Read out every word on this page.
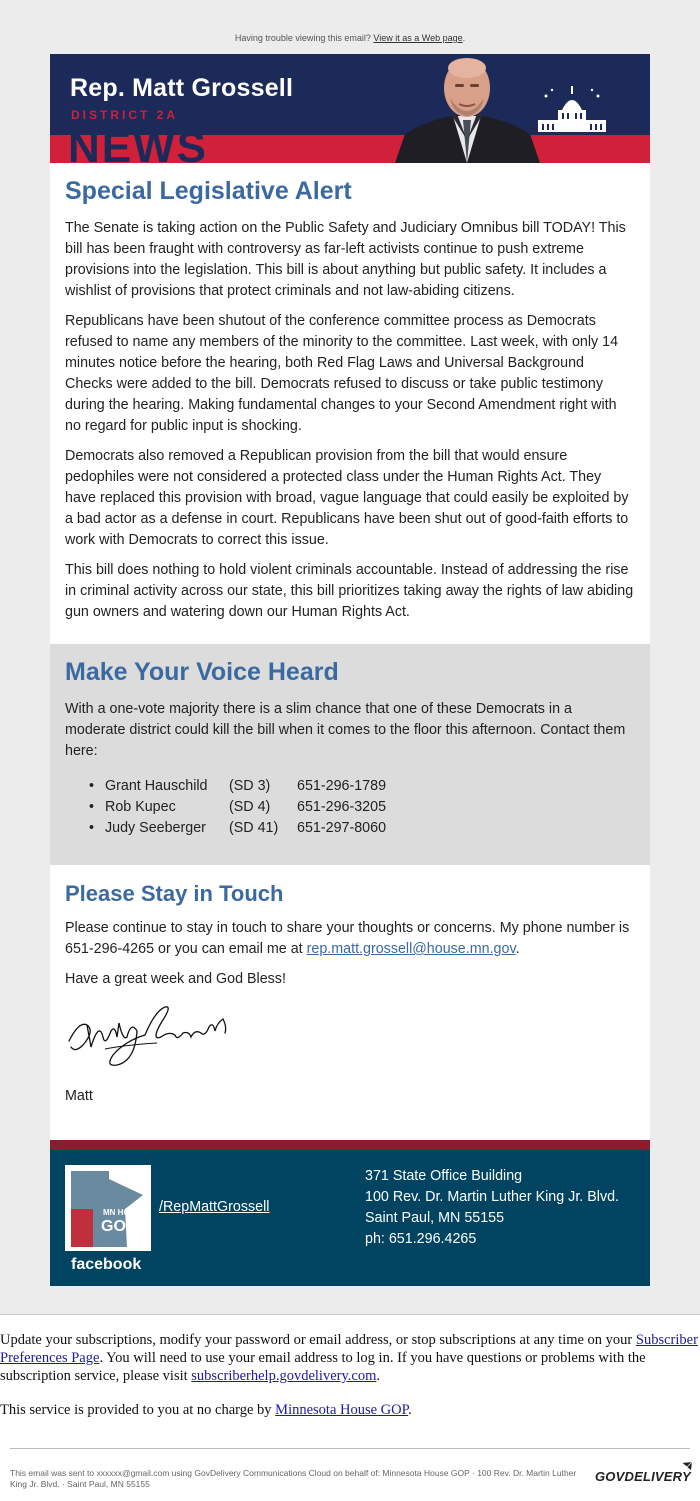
Having trouble viewing this email? View it as a Web page.
Rep. Matt Grossell
DISTRICT 2A
NEWS
Special Legislative Alert

The Senate is taking action on the Public Safety and Judiciary Omnibus bill TODAY! This bill has been fraught with controversy as far-left activists continue to push extreme provisions into the legislation. This bill is about anything but public safety. It includes a wishlist of provisions that protect criminals and not law-abiding citizens.

Republicans have been shutout of the conference committee process as Democrats refused to name any members of the minority to the committee. Last week, with only 14 minutes notice before the hearing, both Red Flag Laws and Universal Background Checks were added to the bill. Democrats refused to discuss or take public testimony during the hearing. Making fundamental changes to your Second Amendment right with no regard for public input is shocking.

Democrats also removed a Republican provision from the bill that would ensure pedophiles were not considered a protected class under the Human Rights Act. They have replaced this provision with broad, vague language that could easily be exploited by a bad actor as a defense in court. Republicans have been shut out of good-faith efforts to work with Democrats to correct this issue.

This bill does nothing to hold violent criminals accountable. Instead of addressing the rise in criminal activity across our state, this bill prioritizes taking away the rights of law abiding gun owners and watering down our Human Rights Act.

Make Your Voice Heard

With a one-vote majority there is a slim chance that one of these Democrats in a moderate district could kill the bill when it comes to the floor this afternoon. Contact them here:

• Grant Hauschild	(SD 3)	651-296-1789
• Rob Kupec	(SD 4)	651-296-3205
• Judy Seeberger	(SD 41)	651-297-8060
Please Stay in Touch

Please continue to stay in touch to share your thoughts or concerns. My phone number is 651-296-4265 or you can email me at rep.matt.grossell@house.mn.gov.

Have a great week and God Bless!

Matt

MN HOUSE
GOP
facebook
/RepMattGrossell
371 State Office Building
100 Rev. Dr. Martin Luther King Jr. Blvd.
Saint Paul, MN 55155
ph: 651.296.4265

Update your subscriptions, modify your password or email address, or stop subscriptions at any time on your Subscriber Preferences Page. You will need to use your email address to log in. If you have questions or problems with the subscription service, please visit subscriberhelp.govdelivery.com.

This service is provided to you at no charge by Minnesota House GOP.

This email was sent to xxxxxx@gmail.com using GovDelivery Communications Cloud on behalf of: Minnesota House GOP · 100 Rev. Dr. Martin Luther King Jr. Blvd. · Saint Paul, MN 55155	GOVDELIVERY
